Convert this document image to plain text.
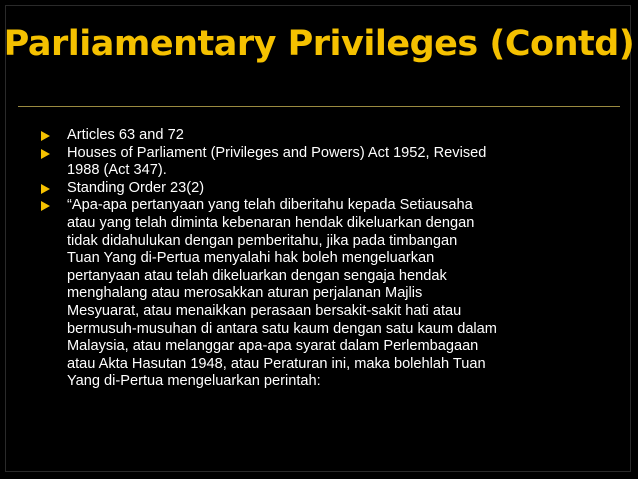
Parliamentary Privileges (Contd)
Articles 63 and 72
Houses of Parliament (Privileges and Powers) Act 1952, Revised
1988 (Act 347).
Standing Order 23(2)
“Apa-apa pertanyaan yang telah diberitahu kepada Setiausaha
atau yang telah diminta kebenaran hendak dikeluarkan dengan
tidak didahulukan dengan pemberitahu, jika pada timbangan
Tuan Yang di-Pertua menyalahi hak boleh mengeluarkan
pertanyaan atau telah dikeluarkan dengan sengaja hendak
menghalang atau merosakkan aturan perjalanan Majlis
Mesyuarat, atau menaikkan perasaan bersakit-sakit hati atau
bermusuh-musuhan di antara satu kaum dengan satu kaum dalam
Malaysia, atau melanggar apa-apa syarat dalam Perlembagaan
atau Akta Hasutan 1948, atau Peraturan ini, maka bolehlah Tuan
Yang di-Pertua mengeluarkan perintah:
